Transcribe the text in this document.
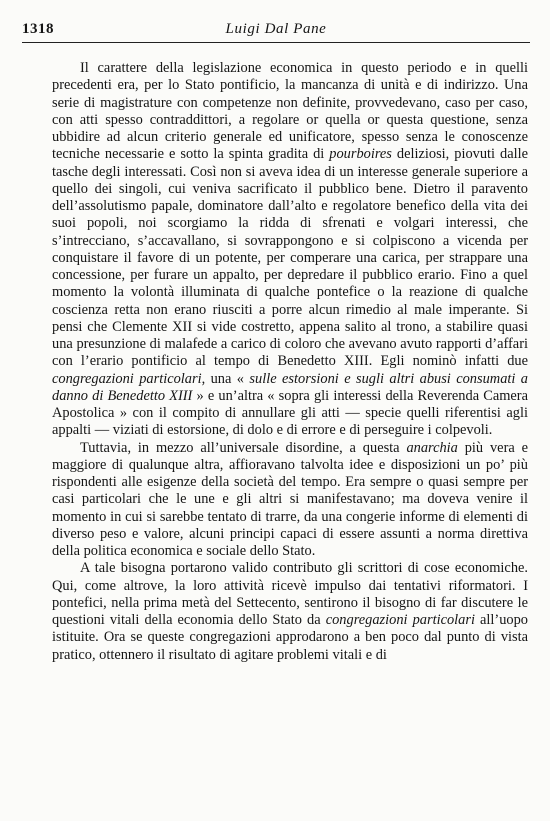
1318	Luigi Dal Pane

Il carattere della legislazione economica in questo periodo e in quelli precedenti era, per lo Stato pontificio, la mancanza di unità e di indirizzo. Una serie di magistrature con competenze non definite, provvedevano, caso per caso, con atti spesso contraddittori, a regolare or quella or questa questione, senza ubbidire ad alcun criterio generale ed unificatore, spesso senza le conoscenze tecniche necessarie e sotto la spinta gradita di pourboires deliziosi, piovuti dalle tasche degli interessati. Così non si aveva idea di un interesse generale superiore a quello dei singoli, cui veniva sacrificato il pubblico bene. Dietro il paravento dell’assolutismo papale, dominatore dall’alto e regolatore benefico della vita dei suoi popoli, noi scorgiamo la ridda di sfrenati e volgari interessi, che s’intrecciano, s’accavallano, si sovrappongono e si colpiscono a vicenda per conquistare il favore di un potente, per comperare una carica, per strappare una concessione, per furare un appalto, per depredare il pubblico erario. Fino a quel momento la volontà illuminata di qualche pontefice o la reazione di qualche coscienza retta non erano riusciti a porre alcun rimedio al male imperante. Si pensi che Clemente XII si vide costretto, appena salito al trono, a stabilire quasi una presunzione di malafede a carico di coloro che avevano avuto rapporti d’affari con l’erario pontificio al tempo di Benedetto XIII. Egli nominò infatti due congregazioni particolari, una « sulle estorsioni e sugli altri abusi consumati a danno di Benedetto XIII » e un’altra « sopra gli interessi della Reverenda Camera Apostolica » con il compito di annullare gli atti — specie quelli riferentisi agli appalti — viziati di estorsione, di dolo e di errore e di perseguire i colpevoli.

Tuttavia, in mezzo all’universale disordine, a questa anarchia più vera e maggiore di qualunque altra, affioravano talvolta idee e disposizioni un po’ più rispondenti alle esigenze della società del tempo. Era sempre o quasi sempre per casi particolari che le une e gli altri si manifestavano; ma doveva venire il momento in cui si sarebbe tentato di trarre, da una congerie informe di elementi di diverso peso e valore, alcuni principi capaci di essere assunti a norma direttiva della politica economica e sociale dello Stato.

A tale bisogna portarono valido contributo gli scrittori di cose economiche. Qui, come altrove, la loro attività ricevè impulso dai tentativi riformatori. I pontefici, nella prima metà del Settecento, sentirono il bisogno di far discutere le questioni vitali della economia dello Stato da congregazioni particolari all’uopo istituite. Ora se queste congregazioni approdarono a ben poco dal punto di vista pratico, ottennero il risultato di agitare problemi vitali e di
